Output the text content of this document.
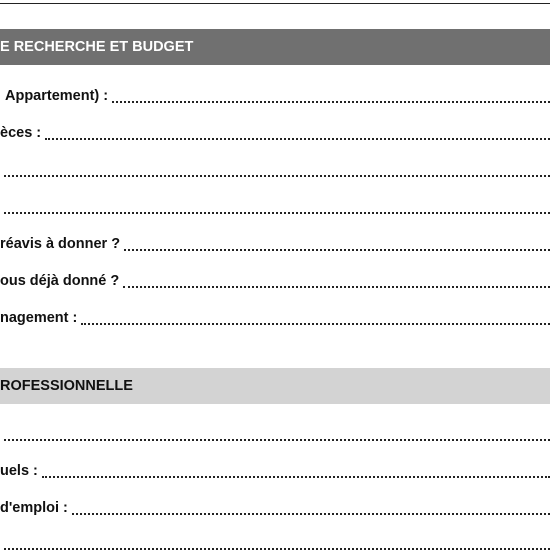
E RECHERCHE ET BUDGET
Appartement) :
èces :
réavis à donner ?
ous déjà donné ?
nagement :
ROFESSIONNELLE
uels :
d'emploi :
